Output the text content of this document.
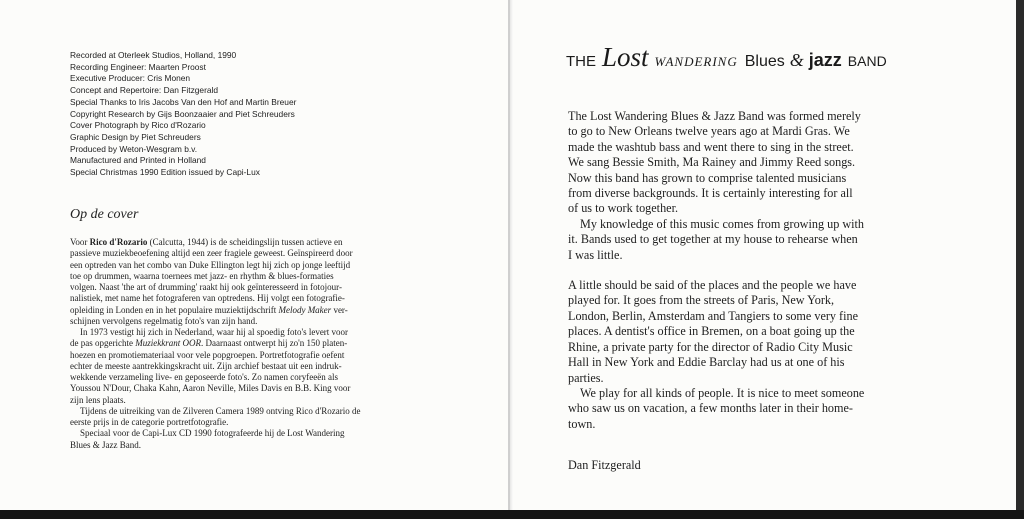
Recorded at Oterleek Studios, Holland, 1990
Recording Engineer: Maarten Proost
Executive Producer: Cris Monen
Concept and Repertoire: Dan Fitzgerald
Special Thanks to Iris Jacobs Van den Hof and Martin Breuer
Copyright Research by Gijs Boonzaaier and Piet Schreuders
Cover Photograph by Rico d'Rozario
Graphic Design by Piet Schreuders
Produced by Weton-Wesgram b.v.
Manufactured and Printed in Holland
Special Christmas 1990 Edition issued by Capi-Lux
Op de cover

Voor Rico d'Rozario (Calcutta, 1944) is de scheidingslijn tussen actieve en
passieve muziekbeoefening altijd een zeer fragiele geweest. Geïnspireerd door
een optreden van het combo van Duke Ellington legt hij zich op jonge leeftijd
toe op drummen, waarna toernees met jazz- en rhythm & blues-formaties
volgen. Naast 'the art of drumming' raakt hij ook geïnteresseerd in fotojour-
nalistiek, met name het fotograferen van optredens. Hij volgt een fotografie-
opleiding in Londen en in het populaire muziektijdschrift Melody Maker ver-
schijnen vervolgens regelmatig foto's van zijn hand.

In 1973 vestigt hij zich in Nederland, waar hij al spoedig foto's levert voor
de pas opgerichte Muziekkrant OOR. Daarnaast ontwerpt hij zo'n 150 platen-
hoezen en promotiemateriaal voor vele popgroepen. Portretfotografie oefent
echter de meeste aantrekkingskracht uit. Zijn archief bestaat uit een indruk-
wekkende verzameling live- en geposeerde foto's. Zo namen coryfeeën als
Youssou N'Dour, Chaka Kahn, Aaron Neville, Miles Davis en B.B. King voor
zijn lens plaats.

Tijdens de uitreiking van de Zilveren Camera 1989 ontving Rico d'Rozario de
eerste prijs in de categorie portretfotografie.

Speciaal voor de Capi-Lux CD 1990 fotografeerde hij de Lost Wandering
Blues & Jazz Band.

THE Lost WANDERING Blues & jazz BAND

The Lost Wandering Blues & Jazz Band was formed merely
to go to New Orleans twelve years ago at Mardi Gras. We
made the washtub bass and went there to sing in the street.
We sang Bessie Smith, Ma Rainey and Jimmy Reed songs.
Now this band has grown to comprise talented musicians
from diverse backgrounds. It is certainly interesting for all
of us to work together.

My knowledge of this music comes from growing up with
it. Bands used to get together at my house to rehearse when
I was little.

A little should be said of the places and the people we have
played for. It goes from the streets of Paris, New York,
London, Berlin, Amsterdam and Tangiers to some very fine
places. A dentist's office in Bremen, on a boat going up the
Rhine, a private party for the director of Radio City Music
Hall in New York and Eddie Barclay had us at one of his
parties.

We play for all kinds of people. It is nice to meet someone
who saw us on vacation, a few months later in their home-
town.

Dan Fitzgerald
